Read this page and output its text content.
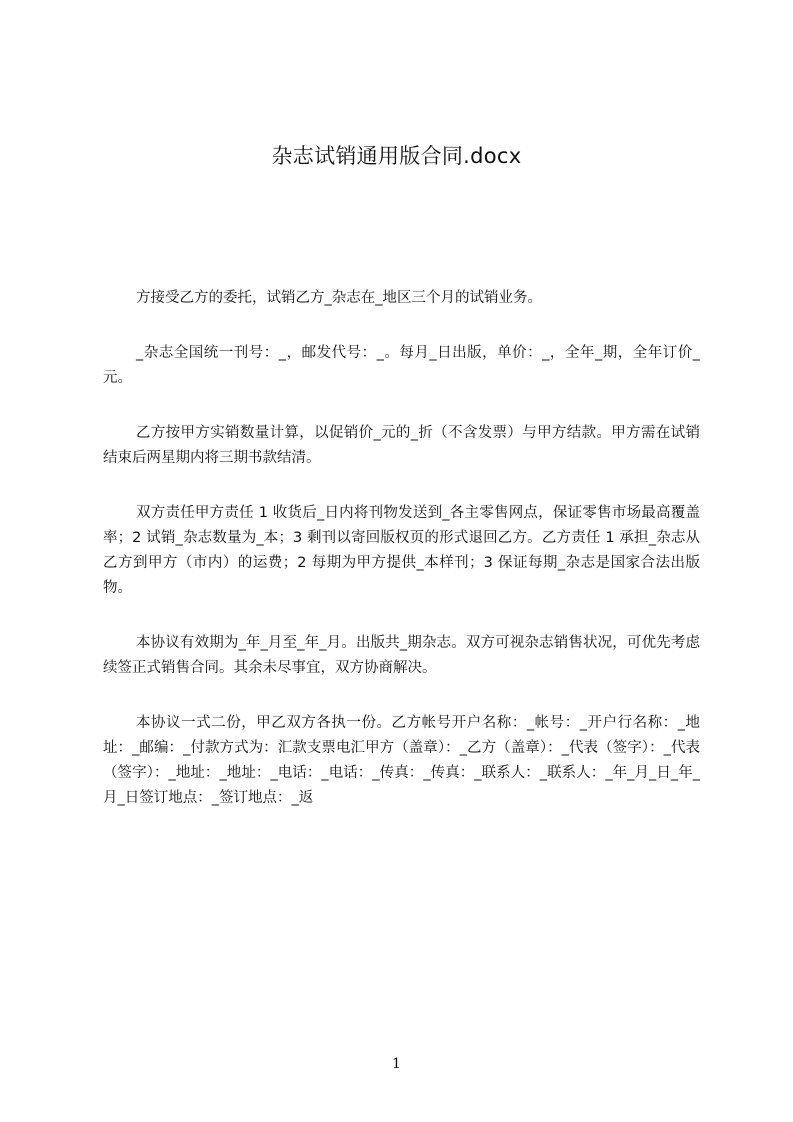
杂志试销通用版合同.docx

方接受乙方的委托，试销乙方_杂志在_地区三个月的试销业务。

_杂志全国统一刊号：_，邮发代号：_。每月_日出版，单价：_，全年_期，全年订价_元。

乙方按甲方实销数量计算，以促销价_元的_折（不含发票）与甲方结款。甲方需在试销结束后两星期内将三期书款结清。

双方责任甲方责任 1 收货后_日内将刊物发送到_各主零售网点，保证零售市场最高覆盖率；2 试销_杂志数量为_本；3 剩刊以寄回版权页的形式退回乙方。乙方责任 1 承担_杂志从乙方到甲方（市内）的运费；2 每期为甲方提供_本样刊；3 保证每期_杂志是国家合法出版物。

本协议有效期为_年_月至_年_月。出版共_期杂志。双方可视杂志销售状况，可优先考虑续签正式销售合同。其余未尽事宜，双方协商解决。

本协议一式二份，甲乙双方各执一份。乙方帐号开户名称：_帐号：_开户行名称：_地址：_邮编：_付款方式为：汇款支票电汇甲方（盖章）：_乙方（盖章）：_代表（签字）：_代表（签字）：_地址：_地址：_电话：_电话：_传真：_传真：_联系人：_联系人：_年_月_日_年_月_日签订地点：_签订地点：_返

1
